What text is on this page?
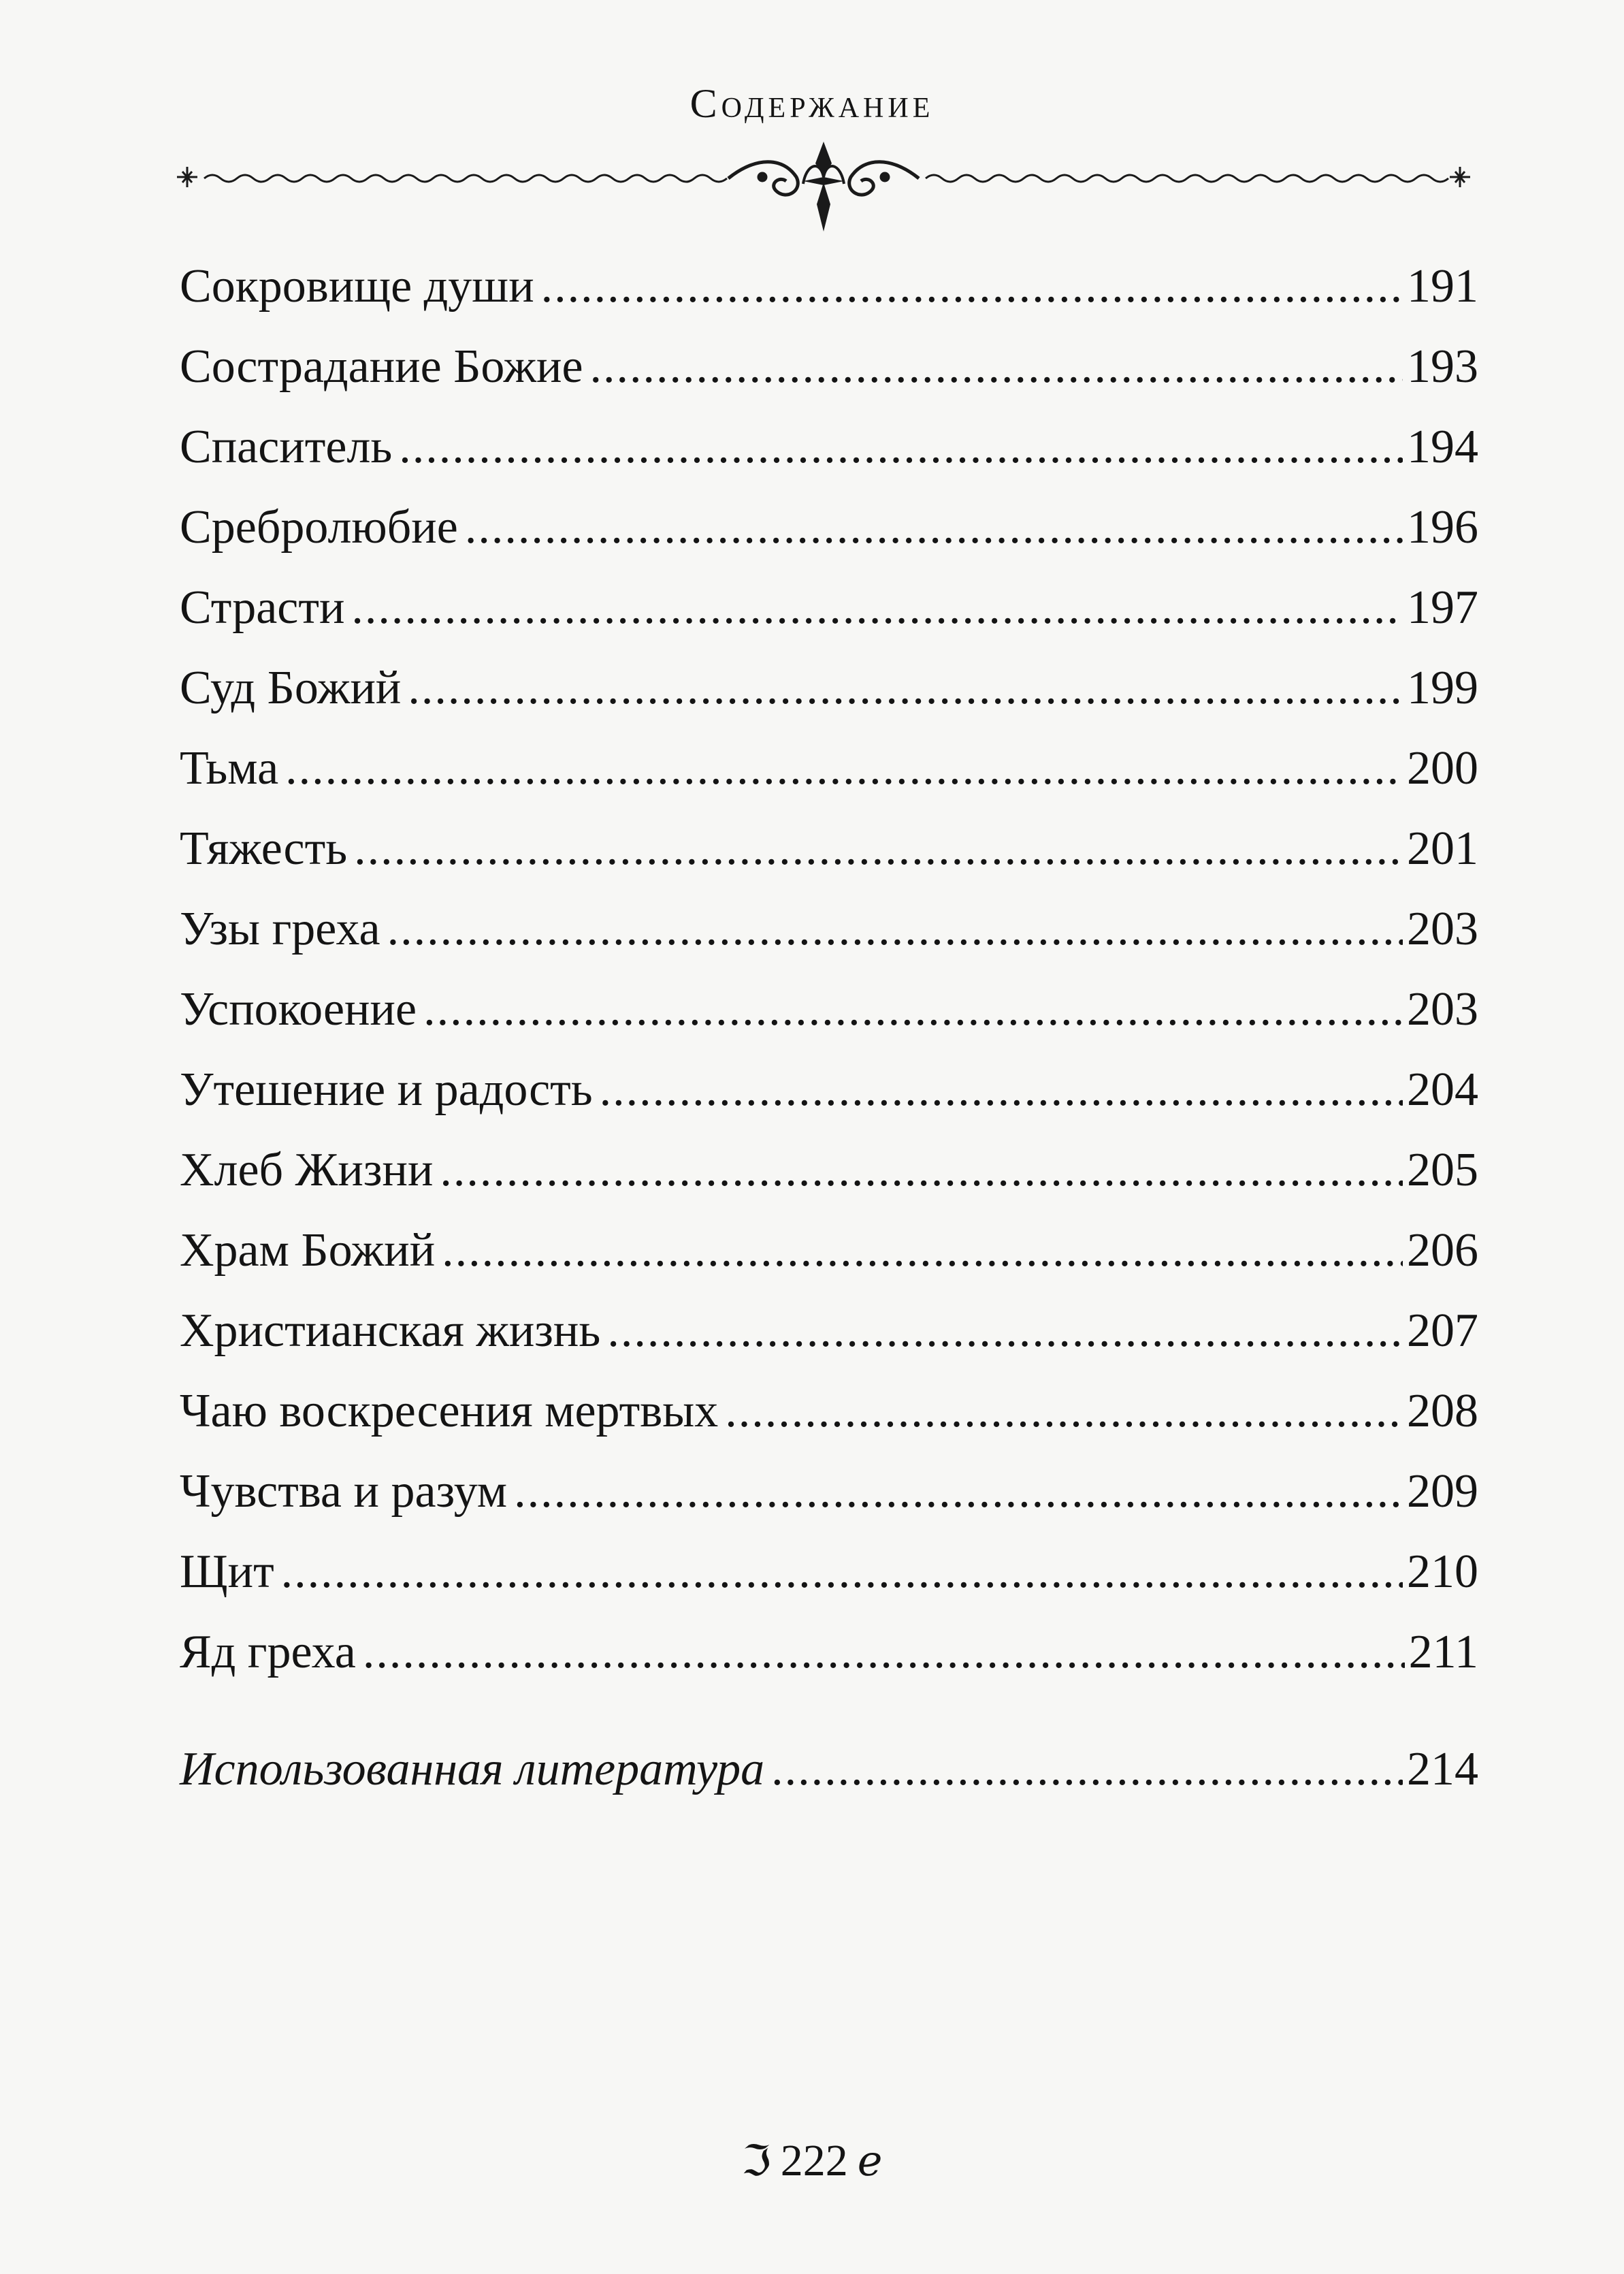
Содержание
Сокровище души .....	191
Сострадание Божие .....	193
Спаситель .....	194
Сребролюбие .....	196
Страсти .....	197
Суд Божий .....	199
Тьма .....	200
Тяжесть .....	201
Узы греха .....	203
Успокоение .....	203
Утешение и радость .....	204
Хлеб Жизни .....	205
Храм Божий .....	206
Христианская жизнь .....	207
Чаю воскресения мертвых .....	208
Чувства и разум .....	209
Щит .....	210
Яд греха .....	211
Использованная литература .....	214
ℑ 222 ℯ
